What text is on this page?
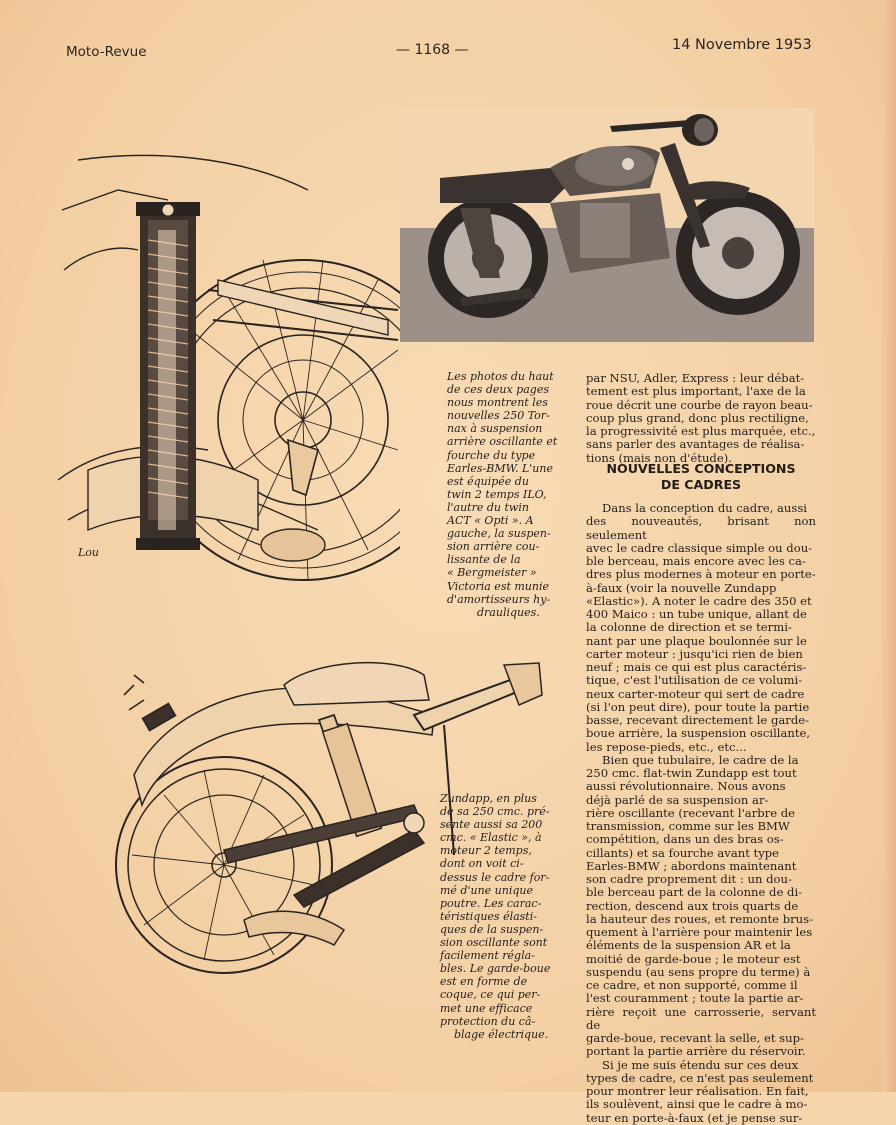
Moto-Revue	— 1168 —	14 Novembre 1953
Lou

Les photos du haut

de ces deux pages

nous montrent les

nouvelles 250 Tor-

nax à suspension

arrière oscillante et

fourche du type

Earles-BMW. L'une

est équipée du

twin 2 temps ILO,

l'autre du twin

ACT « Opti ». A

gauche, la suspen-

sion arrière cou-

lissante de la

« Bergmeister »

Victoria est munie

d'amortisseurs hy-

drauliques.

Zundapp, en plus

de sa 250 cmc. pré-

sente aussi sa 200

cmc. « Elastic », à

moteur 2 temps,

dont on voit ci-

dessus le cadre for-

mé d'une unique

poutre. Les carac-

téristiques élasti-

ques de la suspen-

sion oscillante sont

facilement régla-

bles. Le garde-boue

est en forme de

coque, ce qui per-

met une efficace

protection du câ-

blage électrique.

par NSU, Adler, Express : leur débat-

tement est plus important, l'axe de la

roue décrit une courbe de rayon beau-

coup plus grand, donc plus rectiligne,

la progressivité est plus marquée, etc.,

sans parler des avantages de réalisa-

tions (mais non d'étude).

NOUVELLES CONCEPTIONS
DE CADRES

Dans la conception du cadre, aussi

des nouveautés, brisant non seulement

avec le cadre classique simple ou dou-

ble berceau, mais encore avec les ca-

dres plus modernes à moteur en porte-

à-faux (voir la nouvelle Zundapp

«Elastic»). A noter le cadre des 350 et

400 Maico : un tube unique, allant de

la colonne de direction et se termi-

nant par une plaque boulonnée sur le

carter moteur : jusqu'ici rien de bien

neuf ; mais ce qui est plus caractéris-

tique, c'est l'utilisation de ce volumi-

neux carter-moteur qui sert de cadre

(si l'on peut dire), pour toute la partie

basse, recevant directement le garde-

boue arrière, la suspension oscillante,

les repose-pieds, etc., etc...

Bien que tubulaire, le cadre de la

250 cmc. flat-twin Zundapp est tout

aussi révolutionnaire. Nous avons

déjà parlé de sa suspension ar-

rière oscillante (recevant l'arbre de

transmission, comme sur les BMW

compétition, dans un des bras os-

cillants) et sa fourche avant type

Earles-BMW ; abordons maintenant

son cadre proprement dit : un dou-

ble berceau part de la colonne de di-

rection, descend aux trois quarts de

la hauteur des roues, et remonte brus-

quement à l'arrière pour maintenir les

éléments de la suspension AR et la

moitié de garde-boue ; le moteur est

suspendu (au sens propre du terme) à

ce cadre, et non supporté, comme il

l'est couramment ; toute la partie ar-

rière reçoit une carrosserie, servant de

garde-boue, recevant la selle, et sup-

portant la partie arrière du réservoir.

Si je me suis étendu sur ces deux

types de cadre, ce n'est pas seulement

pour montrer leur réalisation. En fait,

ils soulèvent, ainsi que le cadre à mo-

teur en porte-à-faux (et je pense sur-
